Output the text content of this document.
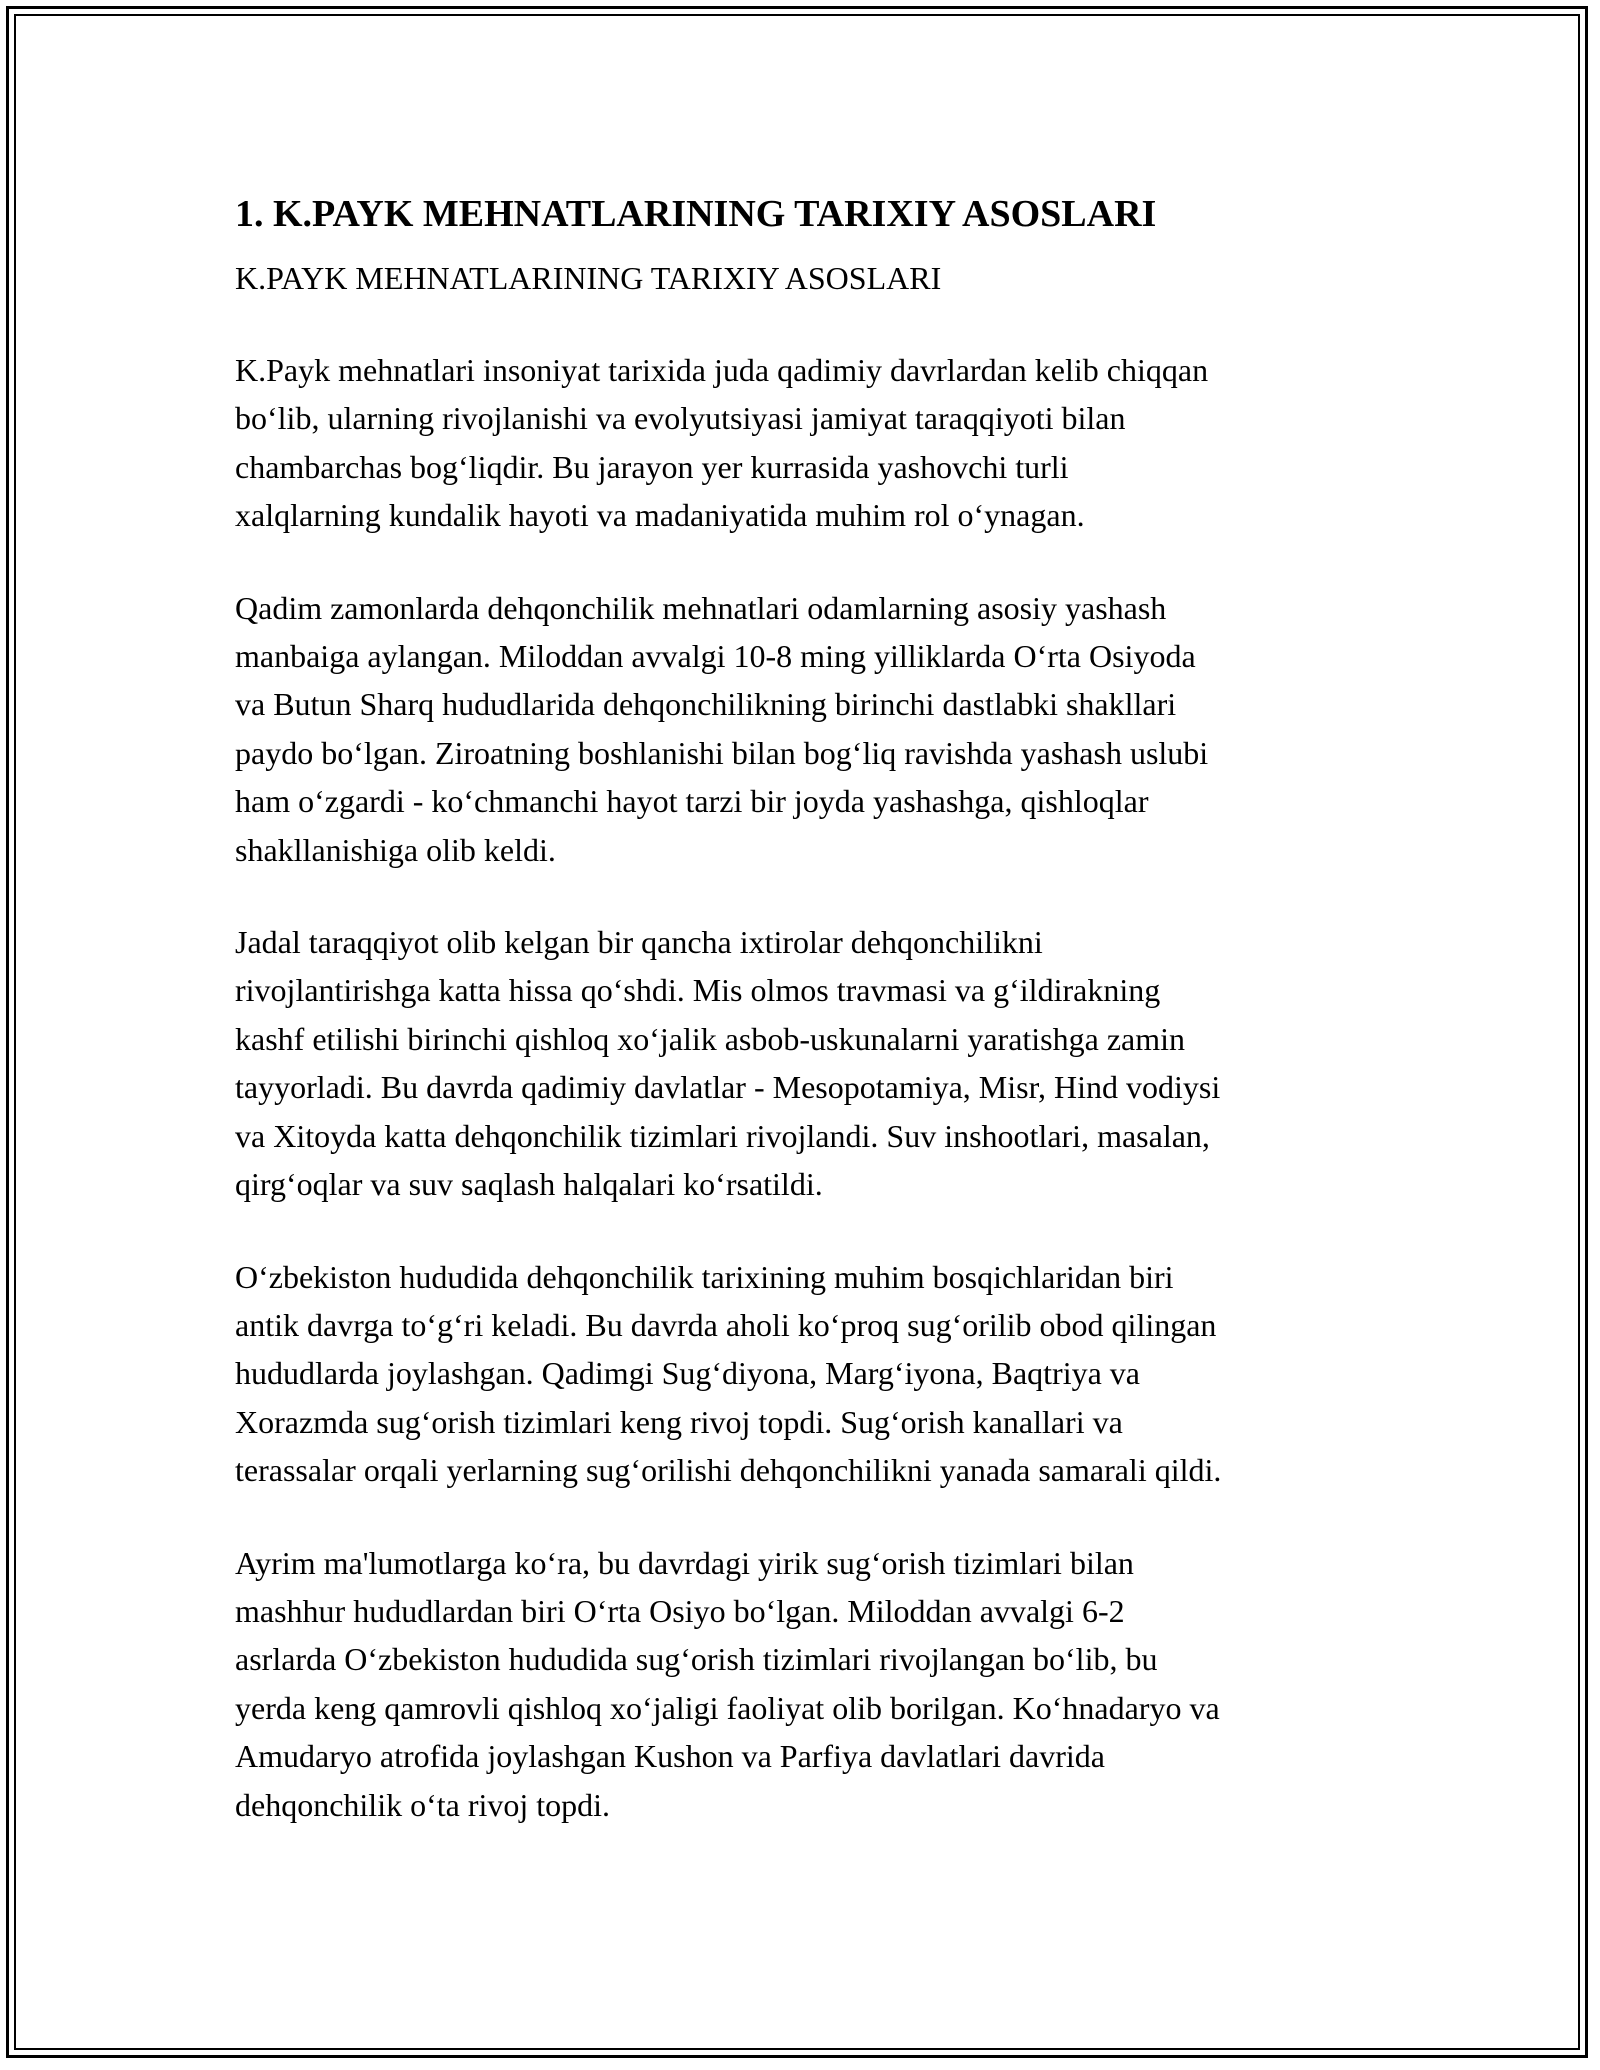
1. K.PAYK MEHNATLARINING TARIXIY ASOSLARI
K.PAYK MEHNATLARINING TARIXIY ASOSLARI
K.Payk mehnatlari insoniyat tarixida juda qadimiy davrlardan kelib chiqqan
bo‘lib, ularning rivojlanishi va evolyutsiyasi jamiyat taraqqiyoti bilan
chambarchas bog‘liqdir. Bu jarayon yer kurrasida yashovchi turli
xalqlarning kundalik hayoti va madaniyatida muhim rol o‘ynagan.
Qadim zamonlarda dehqonchilik mehnatlari odamlarning asosiy yashash
manbaiga aylangan. Miloddan avvalgi 10-8 ming yilliklarda O‘rta Osiyoda
va Butun Sharq hududlarida dehqonchilikning birinchi dastlabki shakllari
paydo bo‘lgan. Ziroatning boshlanishi bilan bog‘liq ravishda yashash uslubi
ham o‘zgardi - ko‘chmanchi hayot tarzi bir joyda yashashga, qishloqlar
shakllanishiga olib keldi.
Jadal taraqqiyot olib kelgan bir qancha ixtirolar dehqonchilikni
rivojlantirishga katta hissa qo‘shdi. Mis olmos travmasi va g‘ildirakning
kashf etilishi birinchi qishloq xo‘jalik asbob-uskunalarni yaratishga zamin
tayyorladi. Bu davrda qadimiy davlatlar - Mesopotamiya, Misr, Hind vodiysi
va Xitoyda katta dehqonchilik tizimlari rivojlandi. Suv inshootlari, masalan,
qirg‘oqlar va suv saqlash halqalari ko‘rsatildi.
O‘zbekiston hududida dehqonchilik tarixining muhim bosqichlaridan biri
antik davrga to‘g‘ri keladi. Bu davrda aholi ko‘proq sug‘orilib obod qilingan
hududlarda joylashgan. Qadimgi Sug‘diyona, Marg‘iyona, Baqtriya va
Xorazmda sug‘orish tizimlari keng rivoj topdi. Sug‘orish kanallari va
terassalar orqali yerlarning sug‘orilishi dehqonchilikni yanada samarali qildi.
Ayrim ma'lumotlarga ko‘ra, bu davrdagi yirik sug‘orish tizimlari bilan
mashhur hududlardan biri O‘rta Osiyo bo‘lgan. Miloddan avvalgi 6-2
asrlarda O‘zbekiston hududida sug‘orish tizimlari rivojlangan bo‘lib, bu
yerda keng qamrovli qishloq xo‘jaligi faoliyat olib borilgan. Ko‘hnadaryo va
Amudaryo atrofida joylashgan Kushon va Parfiya davlatlari davrida
dehqonchilik o‘ta rivoj topdi.
